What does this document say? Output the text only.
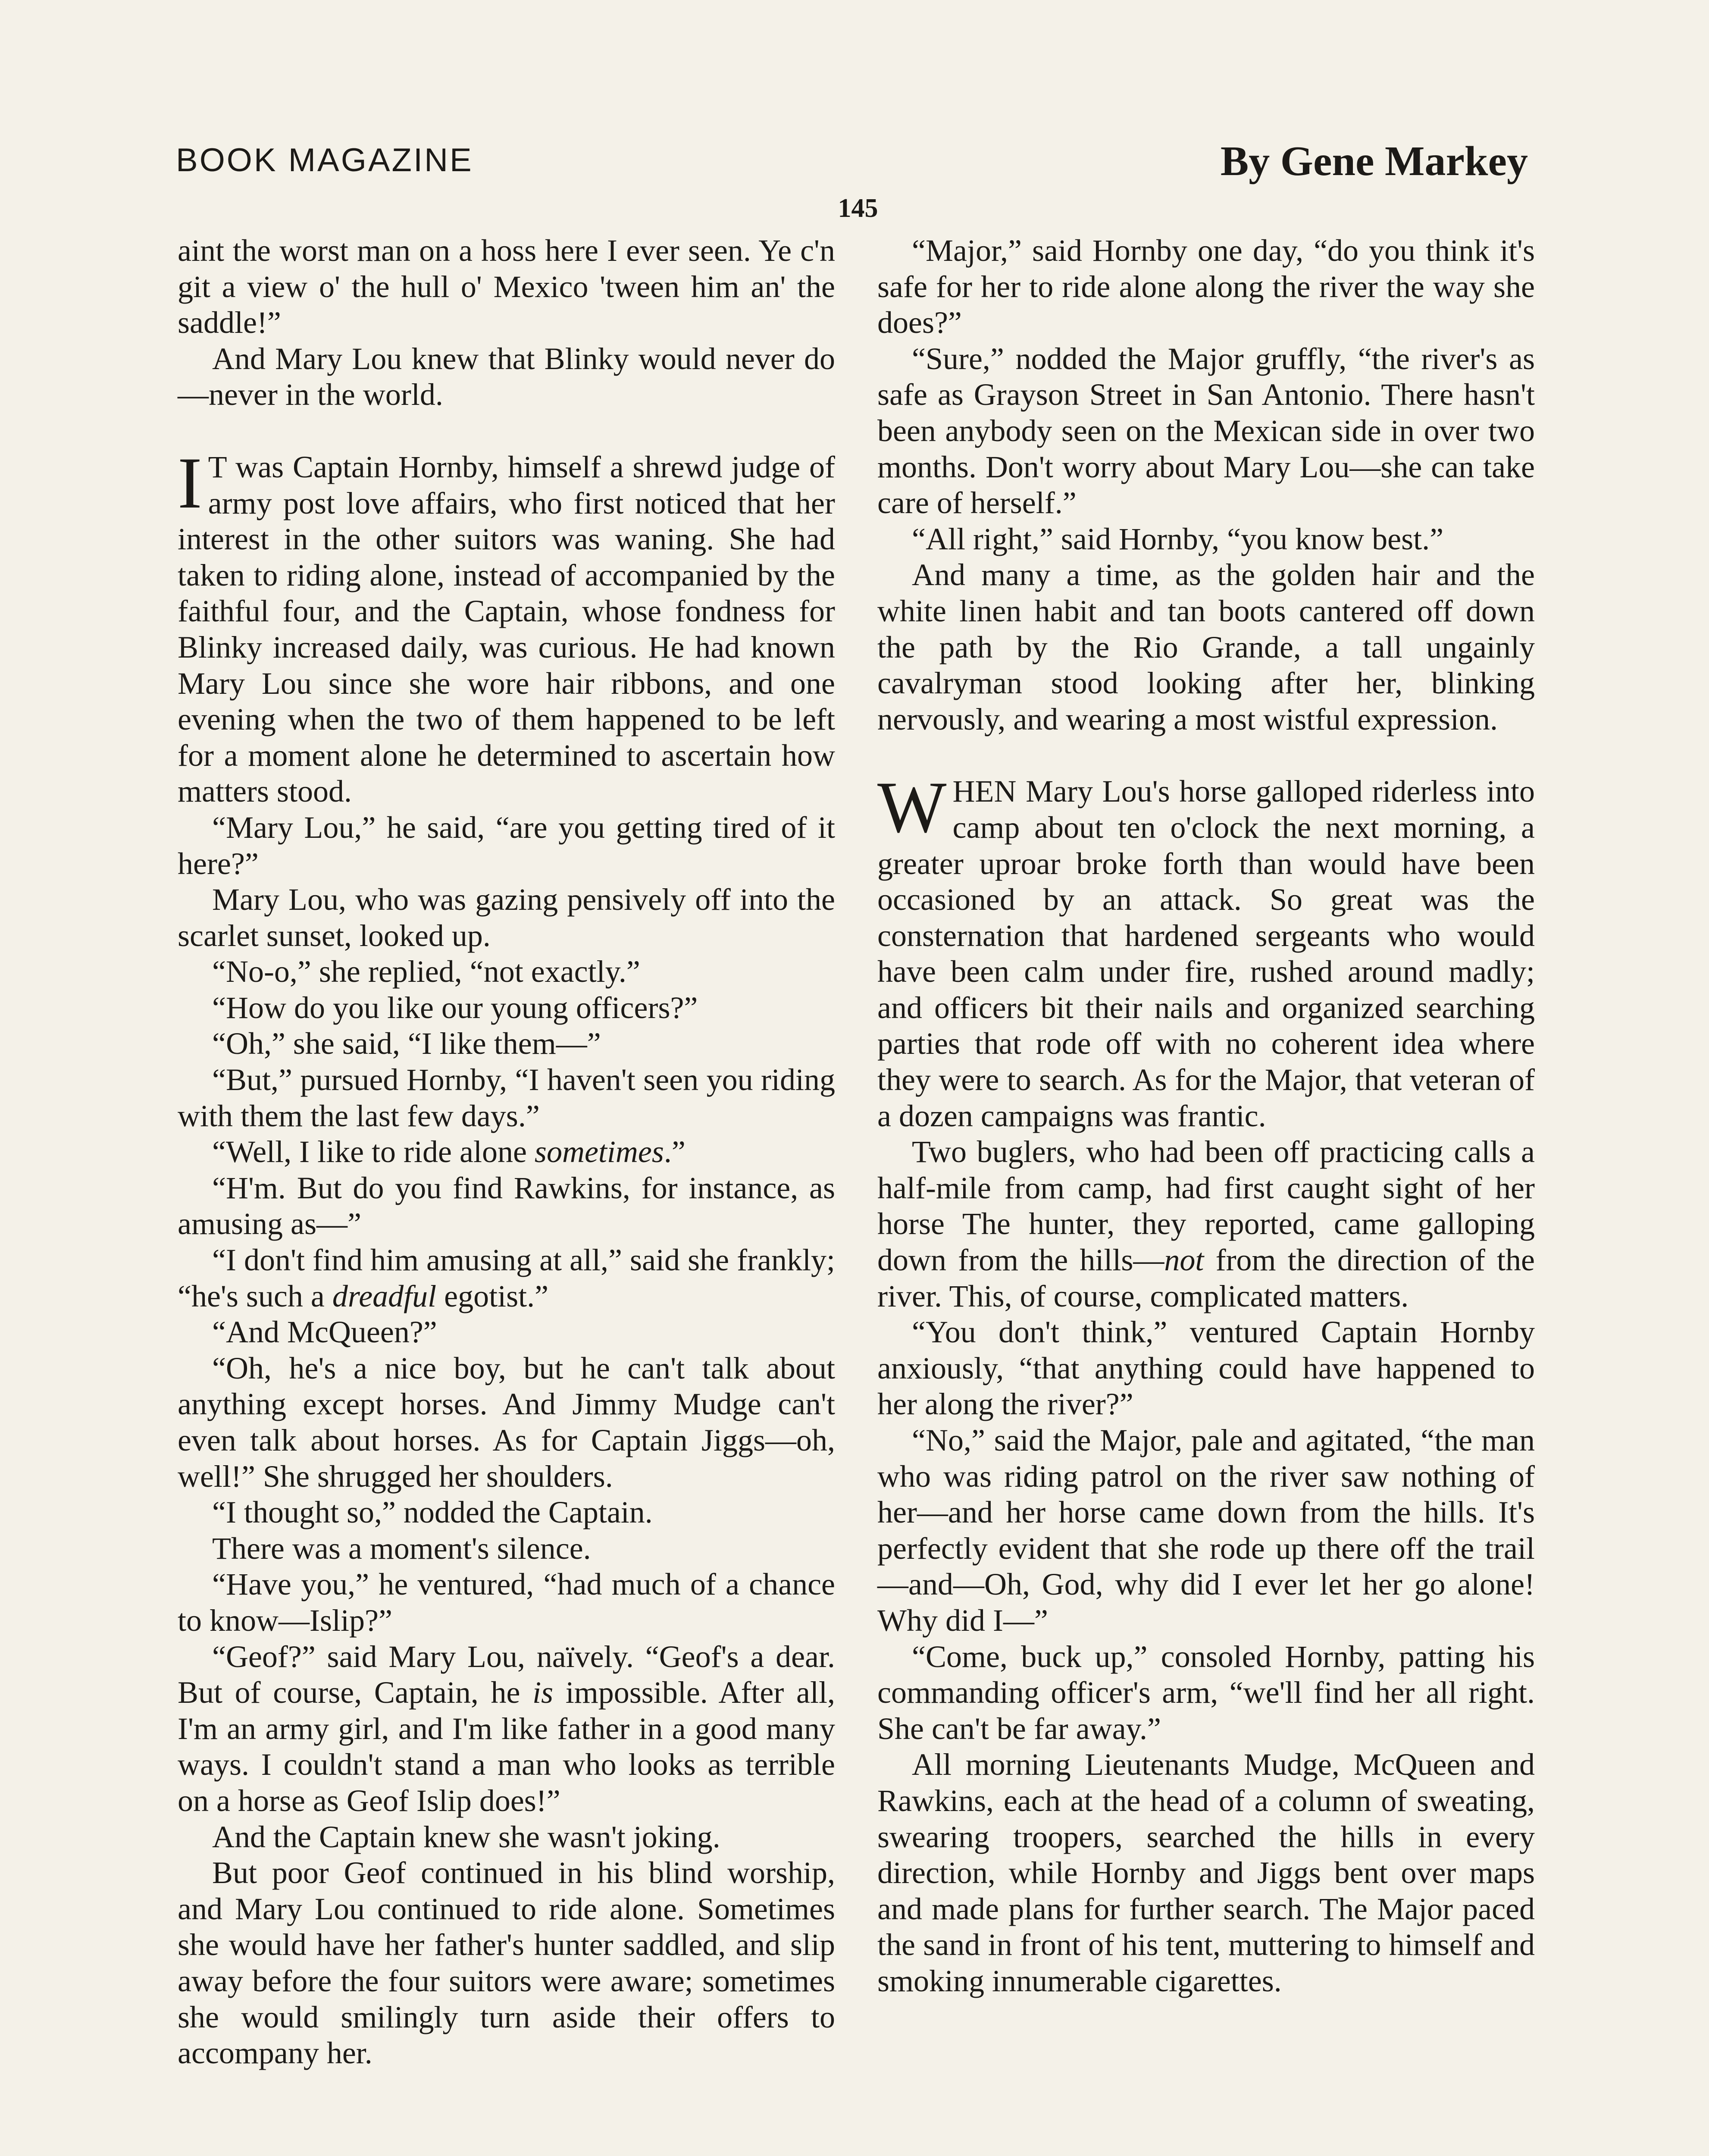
BOOK MAGAZINE	By Gene Markey
145

aint the worst man on a hoss here I ever seen. Ye c'n git a view o' the hull o' Mexico 'tween him an' the saddle!”

And Mary Lou knew that Blinky would never do—never in the world.

I T was Captain Hornby, himself a shrewd judge of army post love affairs, who first noticed that her interest in the other suitors was waning. She had taken to riding alone, instead of accompanied by the faithful four, and the Captain, whose fondness for Blinky increased daily, was curious. He had known Mary Lou since she wore hair ribbons, and one evening when the two of them happened to be left for a moment alone he determined to ascertain how matters stood.

“Mary Lou,” he said, “are you getting tired of it here?”

Mary Lou, who was gazing pensively off into the scarlet sunset, looked up.

“No-o,” she replied, “not exactly.”

“How do you like our young officers?”

“Oh,” she said, “I like them—”

“But,” pursued Hornby, “I haven't seen you riding with them the last few days.”

“Well, I like to ride alone sometimes.”

“H'm. But do you find Rawkins, for instance, as amusing as—”

“I don't find him amusing at all,” said she frankly; “he's such a dreadful egotist.”

“And McQueen?”

“Oh, he's a nice boy, but he can't talk about anything except horses. And Jimmy Mudge can't even talk about horses. As for Captain Jiggs—oh, well!” She shrugged her shoulders.

“I thought so,” nodded the Captain.

There was a moment's silence.

“Have you,” he ventured, “had much of a chance to know—Islip?”

“Geof?” said Mary Lou, naïvely. “Geof's a dear. But of course, Captain, he is impossible. After all, I'm an army girl, and I'm like father in a good many ways. I couldn't stand a man who looks as terrible on a horse as Geof Islip does!”

And the Captain knew she wasn't joking.

But poor Geof continued in his blind worship, and Mary Lou continued to ride alone. Sometimes she would have her father's hunter saddled, and slip away before the four suitors were aware; sometimes she would smilingly turn aside their offers to accompany her.

“Major,” said Hornby one day, “do you think it's safe for her to ride alone along the river the way she does?”

“Sure,” nodded the Major gruffly, “the river's as safe as Grayson Street in San Antonio. There hasn't been anybody seen on the Mexican side in over two months. Don't worry about Mary Lou—she can take care of herself.”

“All right,” said Hornby, “you know best.”

And many a time, as the golden hair and the white linen habit and tan boots cantered off down the path by the Rio Grande, a tall ungainly cavalryman stood looking after her, blinking nervously, and wearing a most wistful expression.

WHEN Mary Lou's horse galloped riderless into camp about ten o'clock the next morning, a greater uproar broke forth than would have been occasioned by an attack. So great was the consternation that hardened sergeants who would have been calm under fire, rushed around madly; and officers bit their nails and organized searching parties that rode off with no coherent idea where they were to search. As for the Major, that veteran of a dozen campaigns was frantic.

Two buglers, who had been off practicing calls a half-mile from camp, had first caught sight of her horse The hunter, they reported, came galloping down from the hills—not from the direction of the river. This, of course, complicated matters.

“You don't think,” ventured Captain Hornby anxiously, “that anything could have happened to her along the river?”

“No,” said the Major, pale and agitated, “the man who was riding patrol on the river saw nothing of her—and her horse came down from the hills. It's perfectly evident that she rode up there off the trail—and—Oh, God, why did I ever let her go alone! Why did I—”

“Come, buck up,” consoled Hornby, patting his commanding officer's arm, “we'll find her all right. She can't be far away.”

All morning Lieutenants Mudge, McQueen and Rawkins, each at the head of a column of sweating, swearing troopers, searched the hills in every direction, while Hornby and Jiggs bent over maps and made plans for further search. The Major paced the sand in front of his tent, muttering to himself and smoking innumerable cigarettes.
